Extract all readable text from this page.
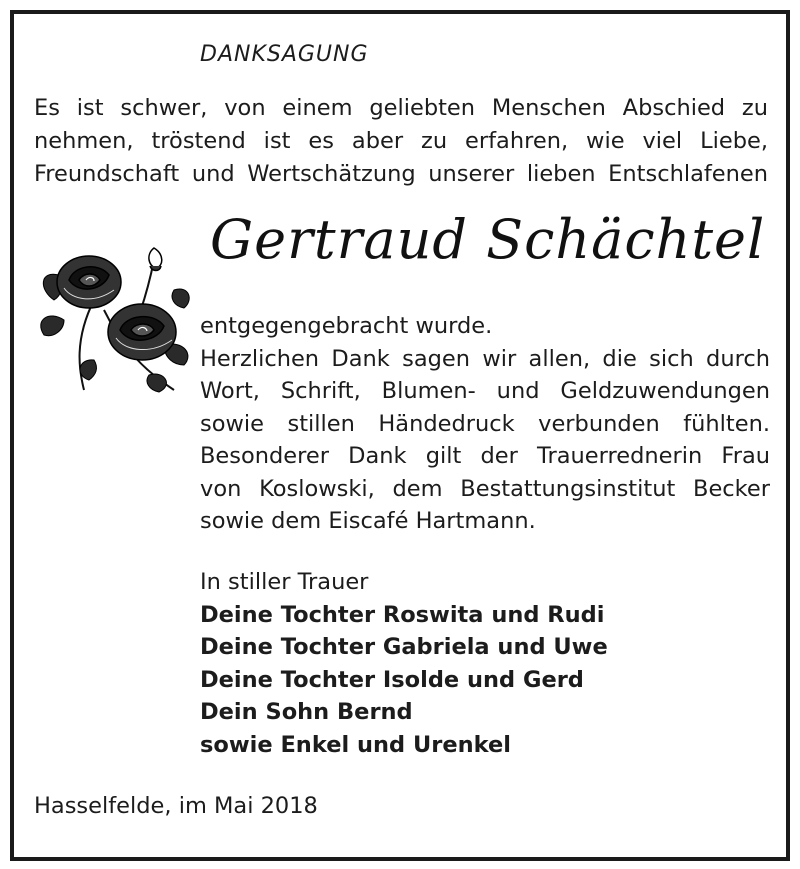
DANKSAGUNG
Es ist schwer, von einem geliebten Menschen Abschied zu
nehmen, tröstend ist es aber zu erfahren, wie viel Liebe,
Freundschaft und Wertschätzung unserer lieben Entschlafenen
Gertraud Schächtel
entgegengebracht wurde.
Herzlichen Dank sagen wir allen, die sich durch
Wort, Schrift, Blumen- und Geldzuwendungen
sowie stillen Händedruck verbunden fühlten.
Besonderer Dank gilt der Trauerrednerin Frau
von Koslowski, dem Bestattungsinstitut Becker
sowie dem Eiscafé Hartmann.
In stiller Trauer
Deine Tochter Roswita und Rudi
Deine Tochter Gabriela und Uwe
Deine Tochter Isolde und Gerd
Dein Sohn Bernd
sowie Enkel und Urenkel
Hasselfelde, im Mai 2018
